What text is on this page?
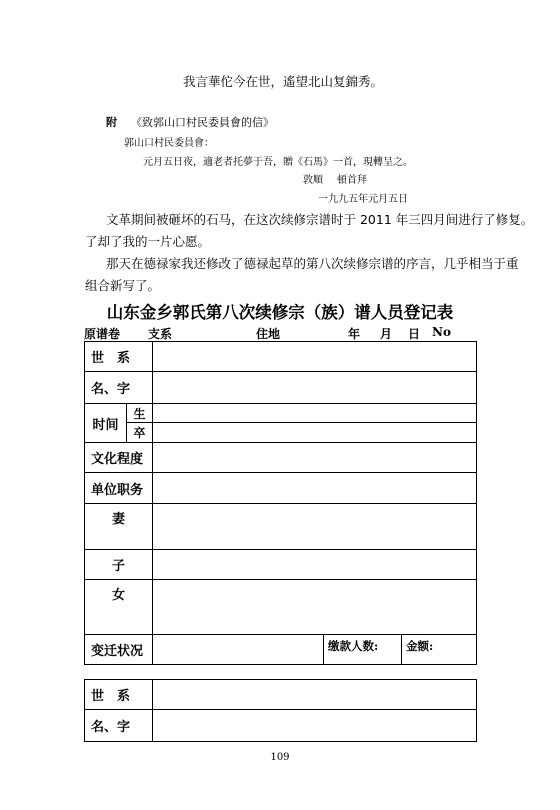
我言華佗今在世，遙望北山复錦秀。
附 《致郭山口村民委員會的信》
郭山口村民委員會：
元月五日夜，適老者托夢于吾，贈《石馬》一首，現轉呈之。
敦順 頓首拜
一九九五年元月五日
文革期间被砸坏的石马，在这次续修宗谱时于 2011 年三四月间进行了修复。
了却了我的一片心愿。
那天在德禄家我还修改了德禄起草的第八次续修宗谱的序言，几乎相当于重
组合新写了。
山东金乡郭氏第八次续修宗（族）谱人员登记表
原谱卷 支系	住地	年 月 日 No
世　系				
名、字				
时间	生			
	卒			
文化程度				
单位职务				
妻				
子				
女				
变迁状况			缴款人数:	金额:
世　系	
名、字	
109
